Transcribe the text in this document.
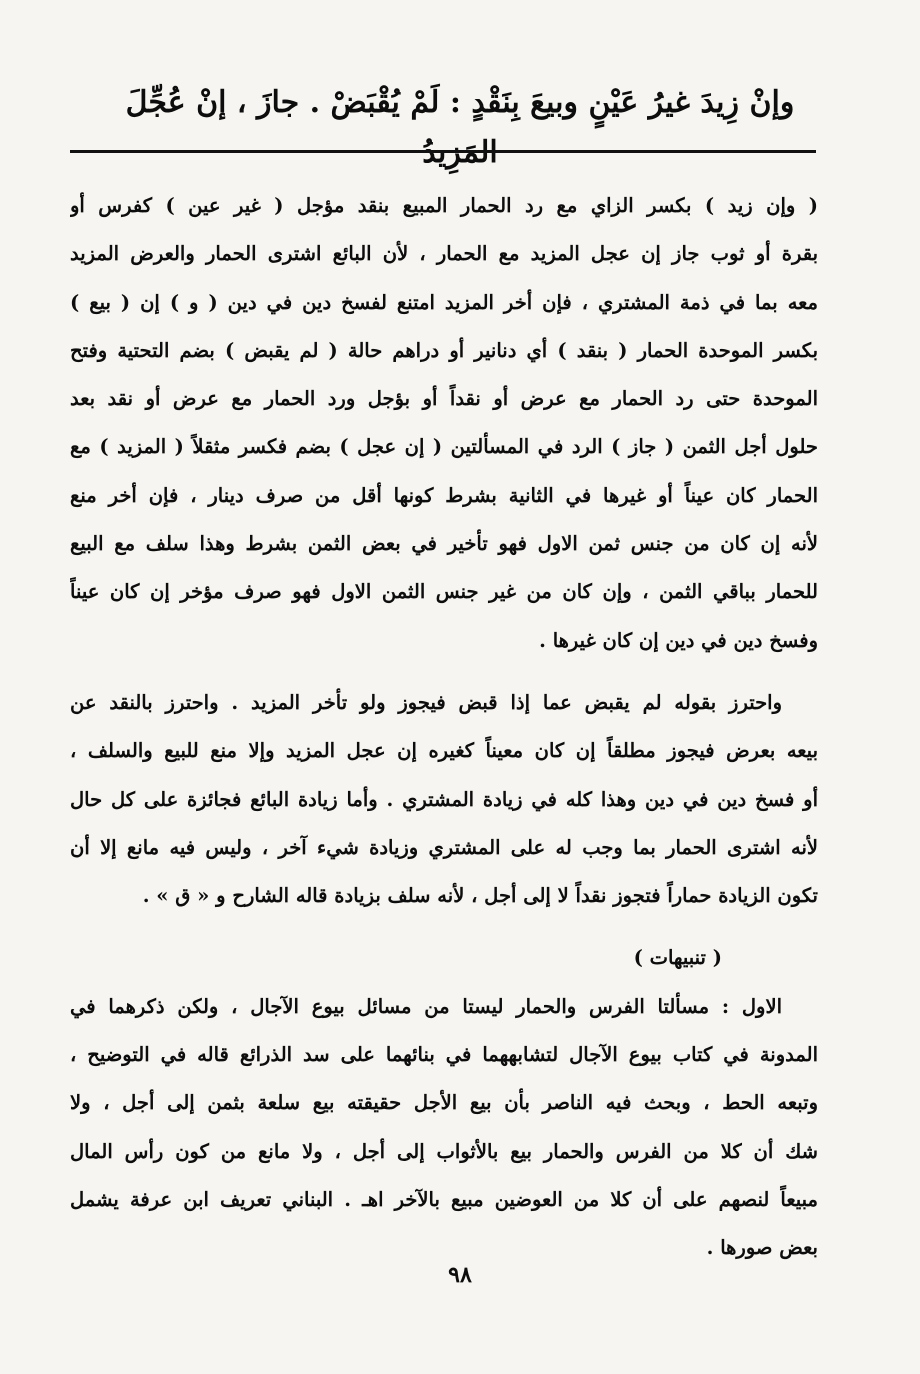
وإنْ زِيدَ غيرُ عَيْنٍ وبيعَ بِنَقْدٍ : لَمْ يُقْبَضْ . جازَ ، إنْ عُجِّلَ المَزِيدُ
( وإن زيد ) بكسر الزاي مع رد الحمار المبيع بنقد مؤجل ( غير عين ) كفرس أو
بقرة أو ثوب جاز إن عجل المزيد مع الحمار ، لأن البائع اشترى الحمار والعرض المزيد
معه بما في ذمة المشتري ، فإن أخر المزيد امتنع لفسخ دين في دين ( و ) إن ( بيع )
بكسر الموحدة الحمار ( بنقد ) أي دنانير أو دراهم حالة ( لم يقبض ) بضم التحتية وفتح
الموحدة حتى رد الحمار مع عرض أو نقداً أو بؤجل ورد الحمار مع عرض أو نقد بعد
حلول أجل الثمن ( جاز ) الرد في المسألتين ( إن عجل ) بضم فكسر مثقلاً ( المزيد ) مع
الحمار كان عيناً أو غيرها في الثانية بشرط كونها أقل من صرف دينار ، فإن أخر منع
لأنه إن كان من جنس ثمن الاول فهو تأخير في بعض الثمن بشرط وهذا سلف مع البيع
للحمار بباقي الثمن ، وإن كان من غير جنس الثمن الاول فهو صرف مؤخر إن كان عيناً
وفسخ دين في دين إن كان غيرها .
واحترز بقوله لم يقبض عما إذا قبض فيجوز ولو تأخر المزيد . واحترز بالنقد عن
بيعه بعرض فيجوز مطلقاً إن كان معيناً كغيره إن عجل المزيد وإلا منع للبيع والسلف ،
أو فسخ دين في دين وهذا كله في زيادة المشتري . وأما زيادة البائع فجائزة على كل حال
لأنه اشترى الحمار بما وجب له على المشتري وزيادة شيء آخر ، وليس فيه مانع إلا أن
تكون الزيادة حماراً فتجوز نقداً لا إلى أجل ، لأنه سلف بزيادة قاله الشارح و « ق » .
( تنبيهات )
الاول : مسألتا الفرس والحمار ليستا من مسائل بيوع الآجال ، ولكن ذكرهما في
المدونة في كتاب بيوع الآجال لتشابههما في بنائهما على سد الذرائع قاله في التوضيح ،
وتبعه الحط ، وبحث فيه الناصر بأن بيع الأجل حقيقته بيع سلعة بثمن إلى أجل ، ولا
شك أن كلا من الفرس والحمار بيع بالأثواب إلى أجل ، ولا مانع من كون رأس المال
مبيعاً لنصهم على أن كلا من العوضين مبيع بالآخر اهـ . البناني تعريف ابن عرفة يشمل
بعض صورها .
٩٨
